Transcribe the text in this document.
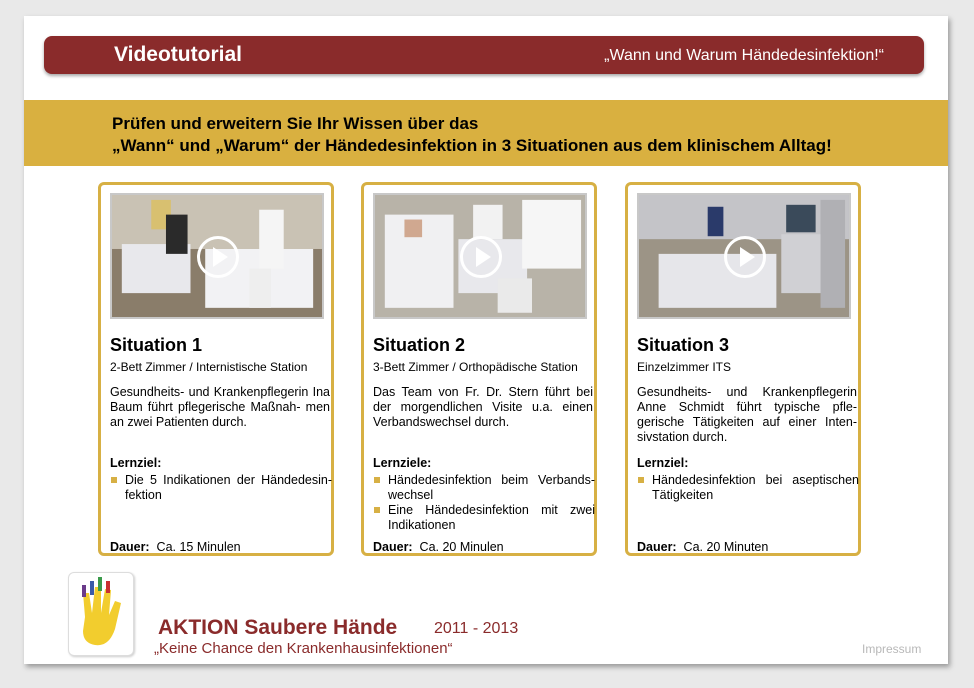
Videotutorial	„Wann und Warum Händedesinfektion!“
Prüfen und erweitern Sie Ihr Wissen über das
„Wann“ und „Warum“ der Händedesinfektion in 3 Situationen aus dem klinischem Alltag!
Situation 1
2-Bett Zimmer / Internistische Station
Gesundheits- und Krankenpflegerin Ina Baum führt pflegerische Maßnah- men an zwei Patienten durch.
Lernziel:
Die 5 Indikationen der Händedesin- fektion
Dauer: Ca. 15 Minulen
Situation 2
3-Bett Zimmer / Orthopädische Station
Das Team von Fr. Dr. Stern führt bei der morgendlichen Visite u.a. einen Verbandswechsel durch.
Lernziele:
Händedesinfektion beim Verbands- wechsel
Eine Händedesinfektion mit zwei Indikationen
Dauer: Ca. 20 Minulen
Situation 3
Einzelzimmer ITS
Gesundheits- und Krankenpflegerin Anne Schmidt führt typische pfle- gerische Tätigkeiten auf einer Inten- sivstation durch.
Lernziel:
Händedesinfektion bei aseptischen Tätigkeiten
Dauer: Ca. 20 Minuten
AKTION Saubere Hände 2011 - 2013
„Keine Chance den Krankenhausinfektionen“	Impressum
